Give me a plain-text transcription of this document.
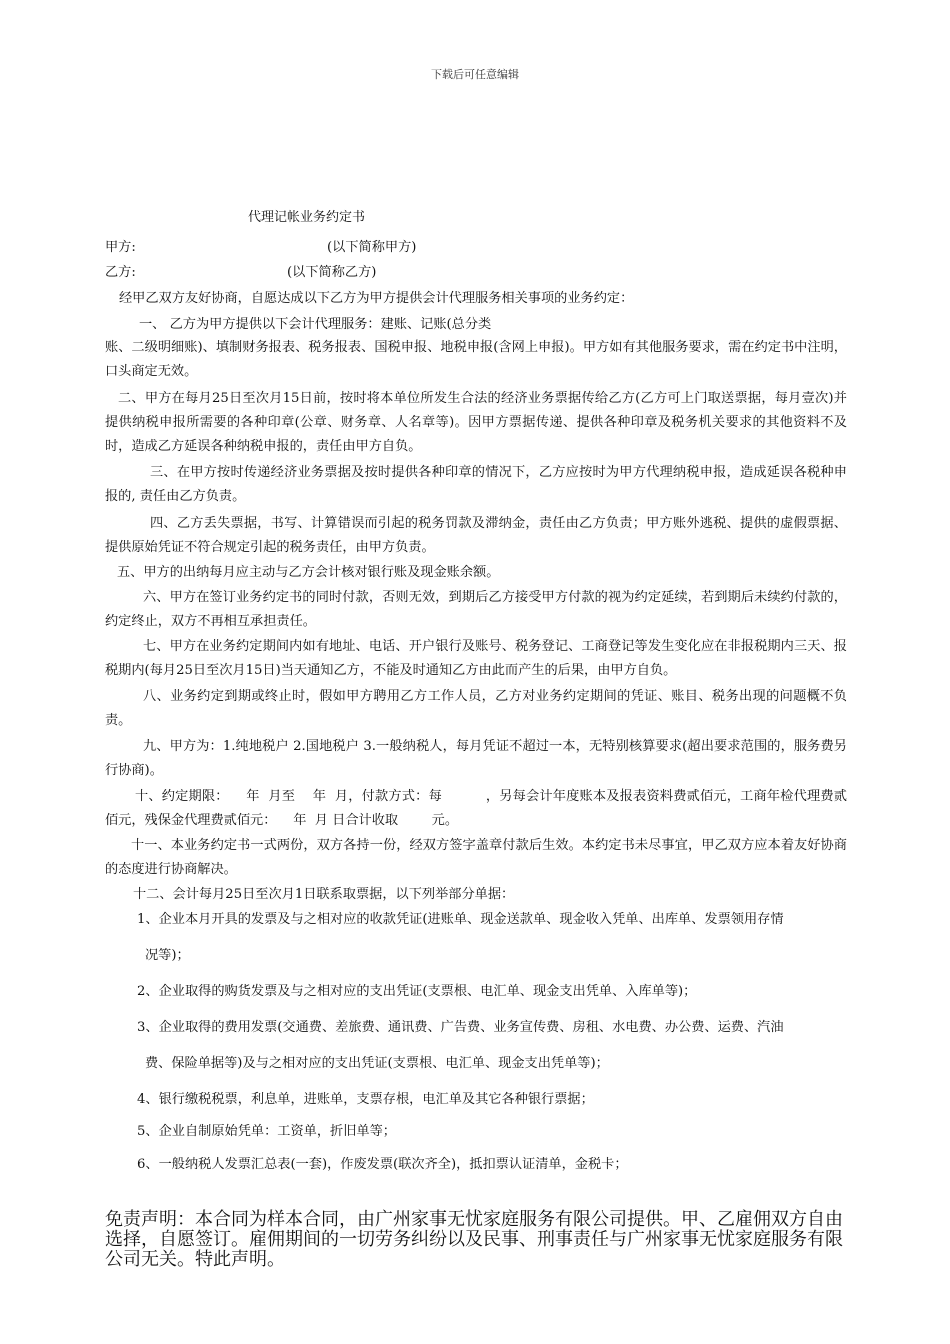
下载后可任意编辑
代理记帐业务约定书
甲方:	(以下简称甲方)
乙方:	(以下简称乙方)
经甲乙双方友好协商，自愿达成以下乙方为甲方提供会计代理服务相关事项的业务约定：
一、 乙方为甲方提供以下会计代理服务：建账、记账(总分类
账、二级明细账)、填制财务报表、税务报表、国税申报、地税申报(含网上申报)。甲方如有其他服务要求，需在约定书中注明，口头商定无效。
二、甲方在每月25日至次月15日前，按时将本单位所发生合法的经济业务票据传给乙方(乙方可上门取送票据，每月壹次)并提供纳税申报所需要的各种印章(公章、财务章、人名章等)。因甲方票据传递、提供各种印章及税务机关要求的其他资料不及时，造成乙方延误各种纳税申报的，责任由甲方自负。
三、在甲方按时传递经济业务票据及按时提供各种印章的情况下，乙方应按时为甲方代理纳税申报，造成延误各税种申报的, 责任由乙方负责。
四、乙方丢失票据，书写、计算错误而引起的税务罚款及滞纳金，责任由乙方负责；甲方账外逃税、提供的虚假票据、提供原始凭证不符合规定引起的税务责任，由甲方负责。
五、甲方的出纳每月应主动与乙方会计核对银行账及现金账余额。
六、甲方在签订业务约定书的同时付款，否则无效，到期后乙方接受甲方付款的视为约定延续，若到期后未续约付款的，约定终止，双方不再相互承担责任。
七、甲方在业务约定期间内如有地址、电话、开户银行及账号、税务登记、工商登记等发生变化应在非报税期内三天、报税期内(每月25日至次月15日)当天通知乙方，不能及时通知乙方由此而产生的后果，由甲方自负。
八、业务约定到期或终止时，假如甲方聘用乙方工作人员，乙方对业务约定期间的凭证、账目、税务出现的问题概不负责。
九、甲方为：1.纯地税户 2.国地税户 3.一般纳税人，每月凭证不超过一本，无特别核算要求(超出要求范围的，服务费另行协商)。
十、约定期限：    年  月至    年  月，付款方式：每          ，另每会计年度账本及报表资料费贰佰元，工商年检代理费贰佰元，残保金代理费贰佰元：    年  月 日合计收取        元。
十一、本业务约定书一式两份，双方各持一份，经双方签字盖章付款后生效。本约定书未尽事宜，甲乙双方应本着友好协商的态度进行协商解决。
十二、会计每月25日至次月1日联系取票据，以下列举部分单据：
1、企业本月开具的发票及与之相对应的收款凭证(进账单、现金送款单、现金收入凭单、出库单、发票领用存情
况等)；
2、企业取得的购货发票及与之相对应的支出凭证(支票根、电汇单、现金支出凭单、入库单等)；
3、企业取得的费用发票(交通费、差旅费、通讯费、广告费、业务宣传费、房租、水电费、办公费、运费、汽油
费、保险单据等)及与之相对应的支出凭证(支票根、电汇单、现金支出凭单等)；
4、银行缴税税票，利息单，进账单，支票存根，电汇单及其它各种银行票据；
5、企业自制原始凭单：工资单，折旧单等；
6、一般纳税人发票汇总表(一套)，作废发票(联次齐全)，抵扣票认证清单，金税卡；
免责声明：本合同为样本合同，由广州家事无忧家庭服务有限公司提供。甲、乙雇佣双方自由选择，自愿签订。雇佣期间的一切劳务纠纷以及民事、刑事责任与广州家事无忧家庭服务有限公司无关。特此声明。
